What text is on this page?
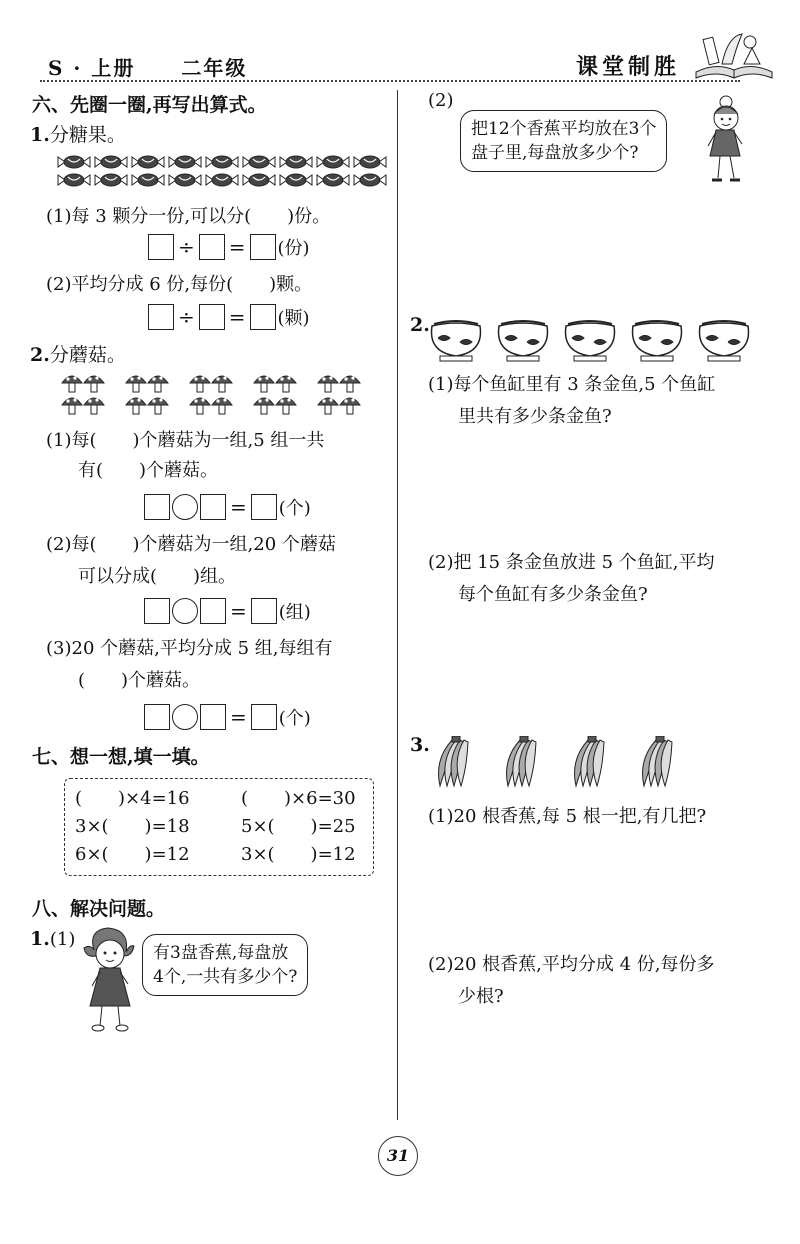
S · 上册 二年级	课堂制胜
六、先圈一圈,再写出算式。
1.分糖果。
(1)每 3 颗分一份,可以分(　　)份。
÷ = (份)
(2)平均分成 6 份,每份(　　)颗。
÷ = (颗)
2.分蘑菇。
(1)每(　　)个蘑菇为一组,5 组一共
有(　　)个蘑菇。
= (个)
(2)每(　　)个蘑菇为一组,20 个蘑菇
可以分成(　　)组。
= (组)
(3)20 个蘑菇,平均分成 5 组,每组有
(　　)个蘑菇。
= (个)
七、想一想,填一填。
(　　)×4=16	(　　)×6=30
3×(　　)=18	5×(　　)=25
6×(　　)=12	3×(　　)=12
八、解决问题。
1.(1)
有3盘香蕉,每盘放
4个,一共有多少个?
(2)
把12个香蕉平均放在3个
盘子里,每盘放多少个?
2.
(1)每个鱼缸里有 3 条金鱼,5 个鱼缸
里共有多少条金鱼?
(2)把 15 条金鱼放进 5 个鱼缸,平均
每个鱼缸有多少条金鱼?
3.
(1)20 根香蕉,每 5 根一把,有几把?
(2)20 根香蕉,平均分成 4 份,每份多
少根?
31
